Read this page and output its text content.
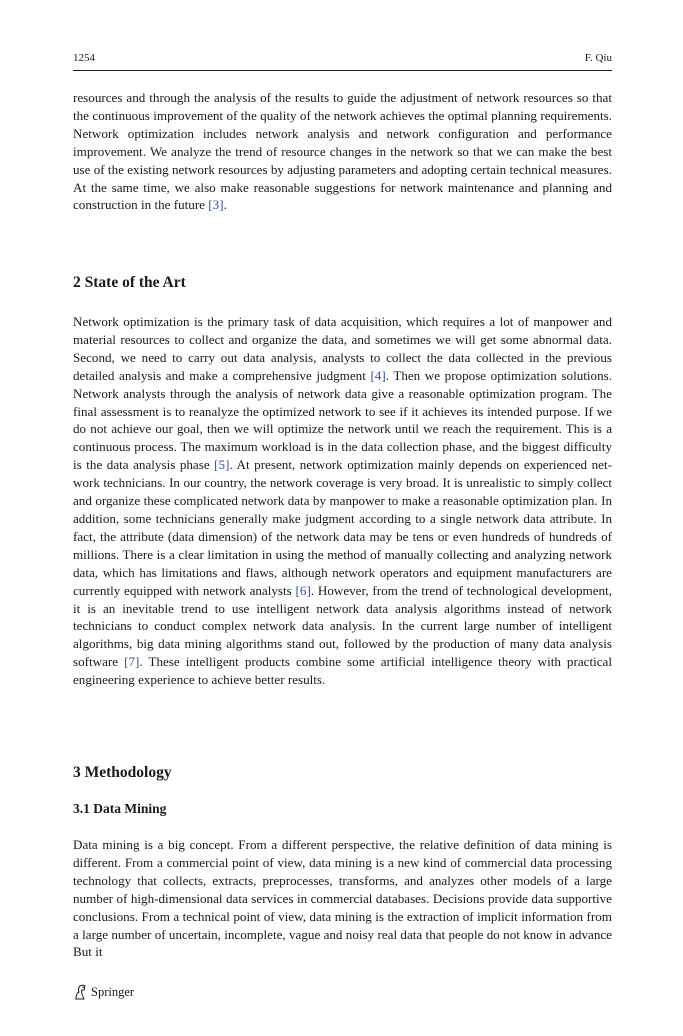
1254	F. Qiu

resources and through the analysis of the results to guide the adjustment of network resources so that the continuous improvement of the quality of the network achieves the optimal planning requirements. Network optimization includes network analysis and network configuration and performance improvement. We analyze the trend of resource changes in the network so that we can make the best use of the existing network resources by adjusting parameters and adopting certain technical measures. At the same time, we also make reasonable suggestions for network maintenance and planning and construction in the future [3].

2 State of the Art

Network optimization is the primary task of data acquisition, which requires a lot of manpower and material resources to collect and organize the data, and sometimes we will get some abnormal data. Second, we need to carry out data analysis, analysts to collect the data collected in the previous detailed analysis and make a comprehensive judgment [4]. Then we propose optimization solutions. Network analysts through the analysis of network data give a reasonable optimization program. The final assessment is to reanalyze the optimized network to see if it achieves its intended purpose. If we do not achieve our goal, then we will optimize the network until we reach the requirement. This is a continuous process. The maximum workload is in the data collection phase, and the biggest difficulty is the data analysis phase [5]. At present, network optimization mainly depends on experienced network technicians. In our country, the network coverage is very broad. It is unrealistic to simply collect and organize these complicated network data by manpower to make a reasonable optimization plan. In addition, some technicians generally make judgment according to a single network data attribute. In fact, the attribute (data dimension) of the network data may be tens or even hundreds of hundreds of millions. There is a clear limitation in using the method of manually collecting and analyzing network data, which has limitations and flaws, although network operators and equipment manufacturers are currently equipped with network analysts [6]. However, from the trend of technological development, it is an inevitable trend to use intelligent network data analysis algorithms instead of network technicians to conduct complex network data analysis. In the current large number of intelligent algorithms, big data mining algorithms stand out, followed by the production of many data analysis software [7]. These intelligent products combine some artificial intelligence theory with practical engineering experience to achieve better results.

3 Methodology
3.1 Data Mining

Data mining is a big concept. From a different perspective, the relative definition of data mining is different. From a commercial point of view, data mining is a new kind of commercial data processing technology that collects, extracts, preprocesses, transforms, and analyzes other models of a large number of high-dimensional data services in commercial databases. Decisions provide data supportive conclusions. From a technical point of view, data mining is the extraction of implicit information from a large number of uncertain, incomplete, vague and noisy real data that people do not know in advance But it

Springer
